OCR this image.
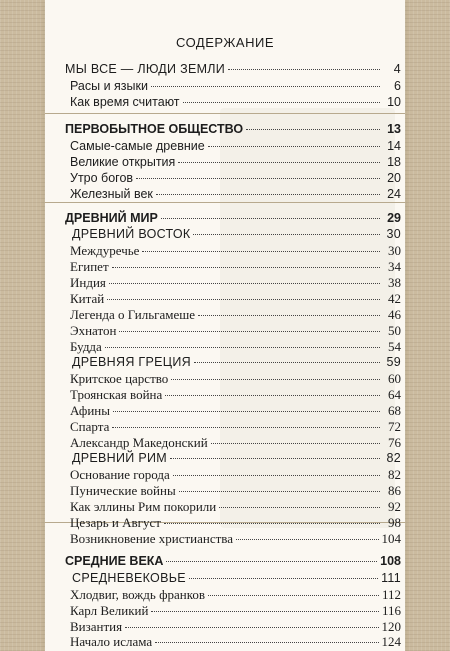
СОДЕРЖАНИЕ
МЫ ВСЕ — ЛЮДИ ЗЕМЛИ	4
Расы и языки	6
Как время считают	10
ПЕРВОБЫТНОЕ ОБЩЕСТВО	13
Самые-самые древние	14
Великие открытия	18
Утро богов	20
Железный век	24
ДРЕВНИЙ МИР	29
ДРЕВНИЙ ВОСТОК	30
Междуречье	30
Египет	34
Индия	38
Китай	42
Легенда о Гильгамеше	46
Эхнатон	50
Будда	54
ДРЕВНЯЯ ГРЕЦИЯ	59
Критское царство	60
Троянская война	64
Афины	68
Спарта	72
Александр Македонский	76
ДРЕВНИЙ РИМ	82
Основание города	82
Пунические войны	86
Как эллины Рим покорили	92
Цезарь и Август	98
Возникновение христианства	104
СРЕДНИЕ ВЕКА	108
СРЕДНЕВЕКОВЬЕ	111
Хлодвиг, вождь франков	112
Карл Великий	116
Византия	120
Начало ислама	124
